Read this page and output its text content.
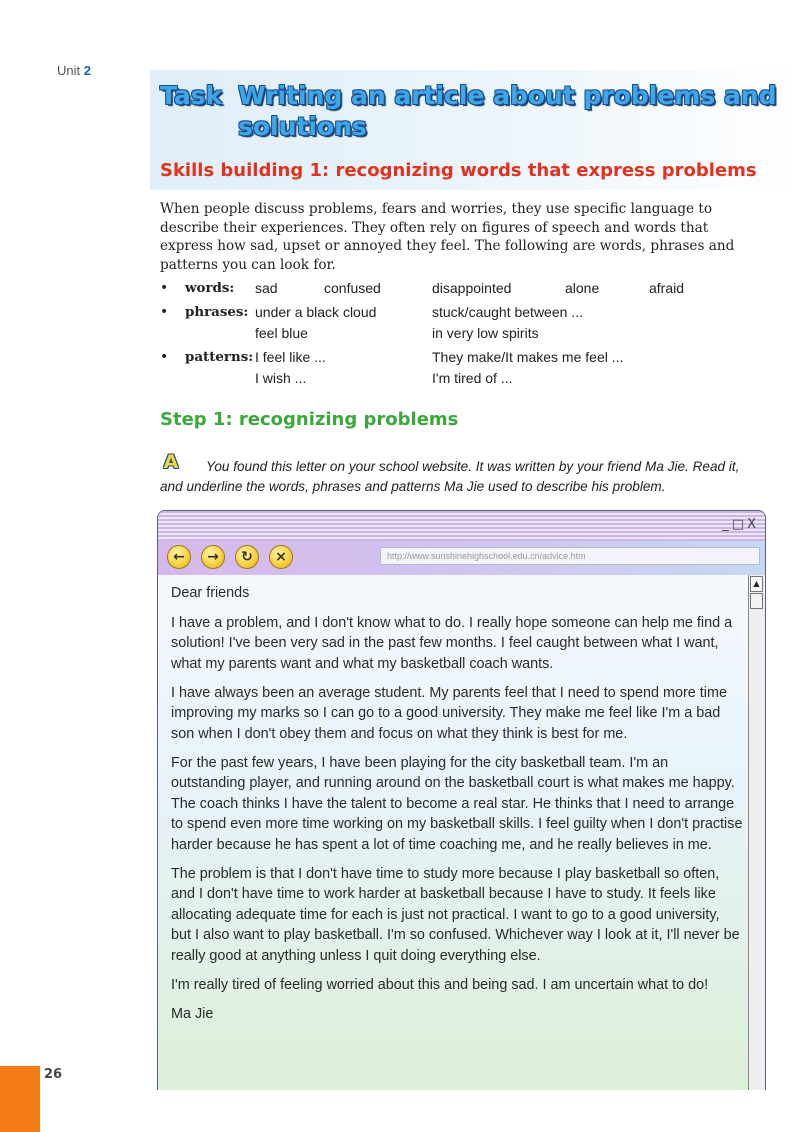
Unit 2
Task Writing an article about problems and
solutions
Skills building 1: recognizing words that express problems
When people discuss problems, fears and worries, they use specific language to describe their experiences. They often rely on figures of speech and words that express how sad, upset or annoyed they feel. The following are words, phrases and patterns you can look for.
• words: sad	confused	disappointed	alone	afraid
• phrases: under a black cloud	stuck/caught between ...
feel blue	in very low spirits
• patterns: I feel like ...	They make/It makes me feel ...
I wish ...	I'm tired of ...
Step 1: recognizing problems
A	You found this letter on your school website. It was written by your friend Ma Jie. Read it, and underline the words, phrases and patterns Ma Jie used to describe his problem.
_□X
←	→	↻	×	http://www.sunshinehighschool.edu.cn/advice.htm

Dear friends

I have a problem, and I don't know what to do. I really hope someone can help me find a solution! I've been very sad in the past few months. I feel caught between what I want, what my parents want and what my basketball coach wants.

I have always been an average student. My parents feel that I need to spend more time improving my marks so I can go to a good university. They make me feel like I'm a bad son when I don't obey them and focus on what they think is best for me.

For the past few years, I have been playing for the city basketball team. I'm an outstanding player, and running around on the basketball court is what makes me happy. The coach thinks I have the talent to become a real star. He thinks that I need to arrange to spend even more time working on my basketball skills. I feel guilty when I don't practise harder because he has spent a lot of time coaching me, and he really believes in me.

The problem is that I don't have time to study more because I play basketball so often, and I don't have time to work harder at basketball because I have to study. It feels like allocating adequate time for each is just not practical. I want to go to a good university, but I also want to play basketball. I'm so confused. Whichever way I look at it, I'll never be really good at anything unless I quit doing everything else.

I'm really tired of feeling worried about this and being sad. I am uncertain what to do!

Ma Jie

▲
26
